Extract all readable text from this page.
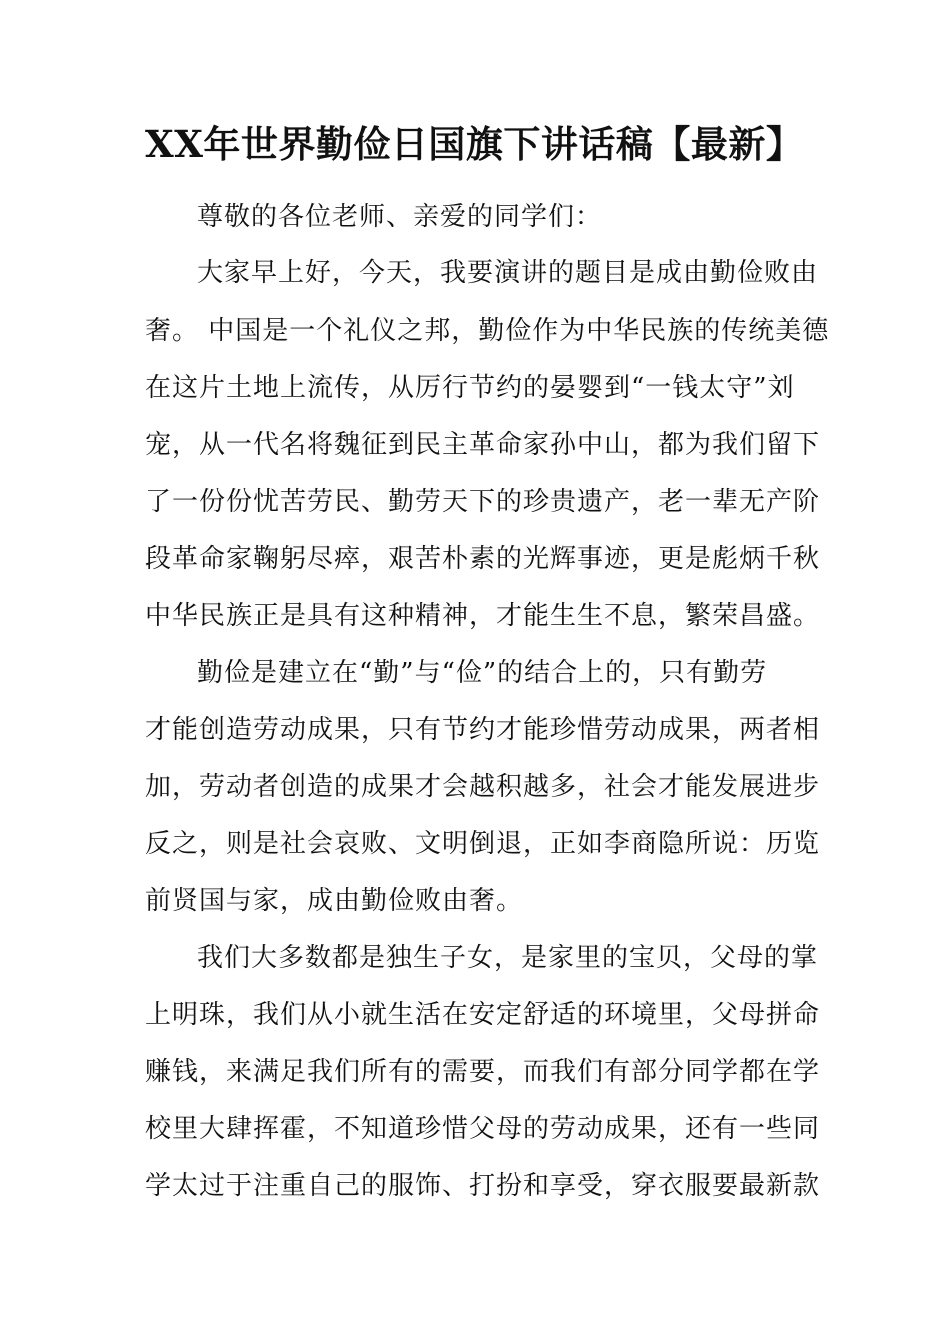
XX年世界勤俭日国旗下讲话稿【最新】

尊敬的各位老师、亲爱的同学们：

大家早上好，今天，我要演讲的题目是成由勤俭败由

奢。 中国是一个礼仪之邦，勤俭作为中华民族的传统美德

在这片土地上流传，从厉行节约的晏婴到“一钱太守”刘

宠，从一代名将魏征到民主革命家孙中山，都为我们留下

了一份份忧苦劳民、勤劳天下的珍贵遗产，老一辈无产阶

段革命家鞠躬尽瘁，艰苦朴素的光辉事迹，更是彪炳千秋

中华民族正是具有这种精神，才能生生不息，繁荣昌盛。

勤俭是建立在“勤”与“俭”的结合上的，只有勤劳

才能创造劳动成果，只有节约才能珍惜劳动成果，两者相

加，劳动者创造的成果才会越积越多，社会才能发展进步

反之，则是社会哀败、文明倒退，正如李商隐所说：历览

前贤国与家，成由勤俭败由奢。

我们大多数都是独生子女，是家里的宝贝，父母的掌

上明珠，我们从小就生活在安定舒适的环境里，父母拼命

赚钱，来满足我们所有的需要，而我们有部分同学都在学

校里大肆挥霍，不知道珍惜父母的劳动成果，还有一些同

学太过于注重自己的服饰、打扮和享受，穿衣服要最新款
